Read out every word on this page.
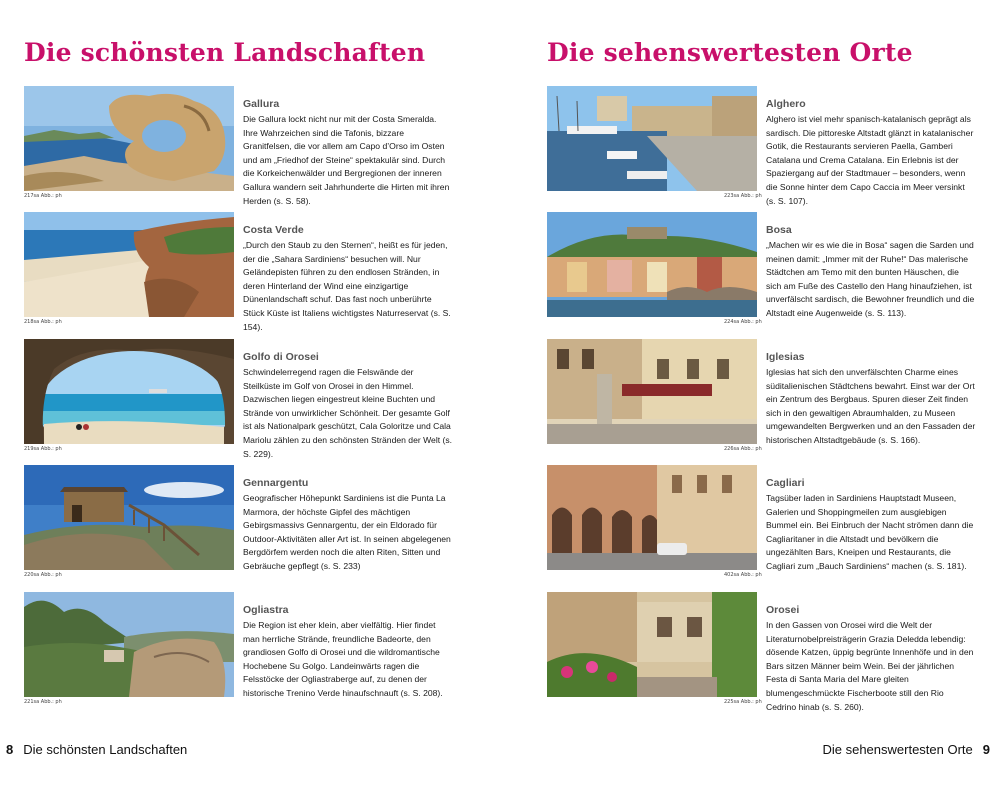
Die schönsten Landschaften
217sa Abb.: ph
Gallura

Die Gallura lockt nicht nur mit der Costa Smeralda. Ihre Wahrzeichen sind die Tafonis, bizzare Granitfelsen, die vor allem am Capo d’Orso im Osten und am „Friedhof der Steine“ spektakulär sind. Durch die Korkeichenwälder und Bergregionen der inneren Gallura wandern seit Jahrhunderte die Hirten mit ihren Herden (s. S. 58).

218sa Abb.: ph
Costa Verde

„Durch den Staub zu den Sternen“, heißt es für jeden, der die „Sahara Sardiniens“ besuchen will. Nur Geländepisten führen zu den endlosen Stränden, in deren Hinterland der Wind eine einzigartige Dünenlandschaft schuf. Das fast noch unberührte Stück Küste ist Italiens wichtigstes Naturreservat (s. S. 154).

219sa Abb.: ph
Golfo di Orosei

Schwindelerregend ragen die Felswände der Steilküste im Golf von Orosei in den Himmel. Dazwischen liegen eingestreut kleine Buchten und Strände von unwirklicher Schönheit. Der gesamte Golf ist als Nationalpark geschützt, Cala Goloritze und Cala Mariolu zählen zu den schönsten Stränden der Welt (s. S. 229).

220sa Abb.: ph
Gennargentu

Geografischer Höhepunkt Sardiniens ist die Punta La Marmora, der höchste Gipfel des mächtigen Gebirgsmassivs Gennargentu, der ein Eldorado für Outdoor-Aktivitäten aller Art ist. In seinen abgelegenen Bergdörfem werden noch die alten Riten, Sitten und Gebräuche gepflegt (s. S. 233)

221sa Abb.: ph
Ogliastra

Die Region ist eher klein, aber vielfältig. Hier findet man herrliche Strände, freundliche Badeorte, den grandiosen Golfo di Orosei und die wildromantische Hochebene Su Golgo. Landeinwärts ragen die Felsstöcke der Ogliastraberge auf, zu denen der historische Trenino Verde hinaufschnauft (s. S. 208).

8 Die schönsten Landschaften
Die sehenswertesten Orte
223sa Abb.: ph
Alghero

Alghero ist viel mehr spanisch-katalanisch geprägt als sardisch. Die pittoreske Altstadt glänzt in katalanischer Gotik, die Restaurants servieren Paella, Gamberi Catalana und Crema Catalana. Ein Erlebnis ist der Spaziergang auf der Stadtmauer – besonders, wenn die Sonne hinter dem Capo Caccia im Meer versinkt (s. S. 107).

224sa Abb.: ph
Bosa

„Machen wir es wie die in Bosa“ sagen die Sarden und meinen damit: „Immer mit der Ruhe!“ Das malerische Städtchen am Temo mit den bunten Häuschen, die sich am Fuße des Castello den Hang hinaufziehen, ist unverfälscht sardisch, die Bewohner freundlich und die Altstadt eine Augenweide (s. S. 113).

226sa Abb.: ph
Iglesias

Iglesias hat sich den unverfälschten Charme eines süditalienischen Städtchens bewahrt. Einst war der Ort ein Zentrum des Bergbaus. Spuren dieser Zeit finden sich in den gewaltigen Abraumhalden, zu Museen umgewandelten Bergwerken und an den Fassaden der historischen Altstadtgebäude (s. S. 166).

402sa Abb.: ph
Cagliari

Tagsüber laden in Sardiniens Hauptstadt Museen, Galerien und Shoppingmeilen zum ausgiebigen Bummel ein. Bei Einbruch der Nacht strömen dann die Cagliaritaner in die Altstadt und bevölkern die ungezählten Bars, Kneipen und Restaurants, die Cagliari zum „Bauch Sardiniens“ machen (s. S. 181).

225sa Abb.: ph
Orosei

In den Gassen von Orosei wird die Welt der Literaturnobelpreisträgerin Grazia Deledda lebendig: dösende Katzen, üppig begrünte Innenhöfe und in den Bars sitzen Männer beim Wein. Bei der jährlichen Festa di Santa Maria del Mare gleiten blumengeschmückte Fischerboote still den Rio Cedrino hinab (s. S. 260).

Die sehenswertesten Orte 9
